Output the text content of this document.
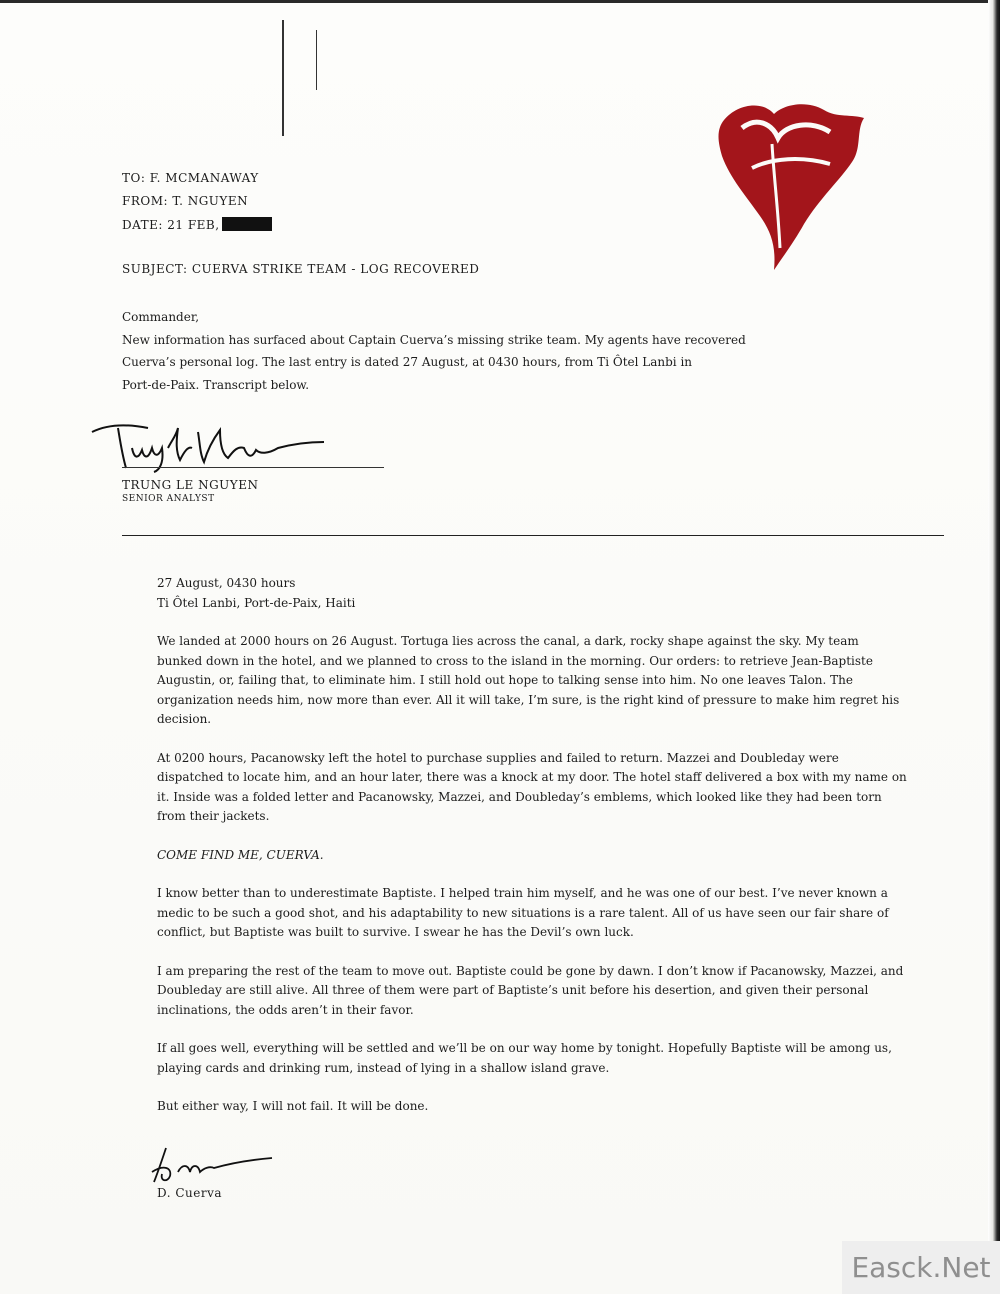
TO: F. MCMANAWAY
FROM: T. NGUYEN
DATE: 21 FEB,
SUBJECT: CUERVA STRIKE TEAM - LOG RECOVERED
Commander,
New information has surfaced about Captain Cuerva’s missing strike team. My agents have recovered
Cuerva’s personal log. The last entry is dated 27 August, at 0430 hours, from Ti Ôtel Lanbi in
Port-de-Paix. Transcript below.
TRUNG LE NGUYEN
SENIOR ANALYST

27 August, 0430 hours

Ti Ôtel Lanbi, Port-de-Paix, Haiti

We landed at 2000 hours on 26 August. Tortuga lies across the canal, a dark, rocky shape against the sky. My team bunked down in the hotel, and we planned to cross to the island in the morning. Our orders: to retrieve Jean-Baptiste Augustin, or, failing that, to eliminate him. I still hold out hope to talking sense into him. No one leaves Talon. The organization needs him, now more than ever. All it will take, I’m sure, is the right kind of pressure to make him regret his decision.

At 0200 hours, Pacanowsky left the hotel to purchase supplies and failed to return. Mazzei and Doubleday were dispatched to locate him, and an hour later, there was a knock at my door. The hotel staff delivered a box with my name on it. Inside was a folded letter and Pacanowsky, Mazzei, and Doubleday’s emblems, which looked like they had been torn from their jackets.

COME FIND ME, CUERVA.

I know better than to underestimate Baptiste. I helped train him myself, and he was one of our best. I’ve never known a medic to be such a good shot, and his adaptability to new situations is a rare talent. All of us have seen our fair share of conflict, but Baptiste was built to survive. I swear he has the Devil’s own luck.

I am preparing the rest of the team to move out. Baptiste could be gone by dawn. I don’t know if Pacanowsky, Mazzei, and Doubleday are still alive. All three of them were part of Baptiste’s unit before his desertion, and given their personal inclinations, the odds aren’t in their favor.

If all goes well, everything will be settled and we’ll be on our way home by tonight. Hopefully Baptiste will be among us, playing cards and drinking rum, instead of lying in a shallow island grave.

But either way, I will not fail. It will be done.

D. Cuerva
Easck.Net
